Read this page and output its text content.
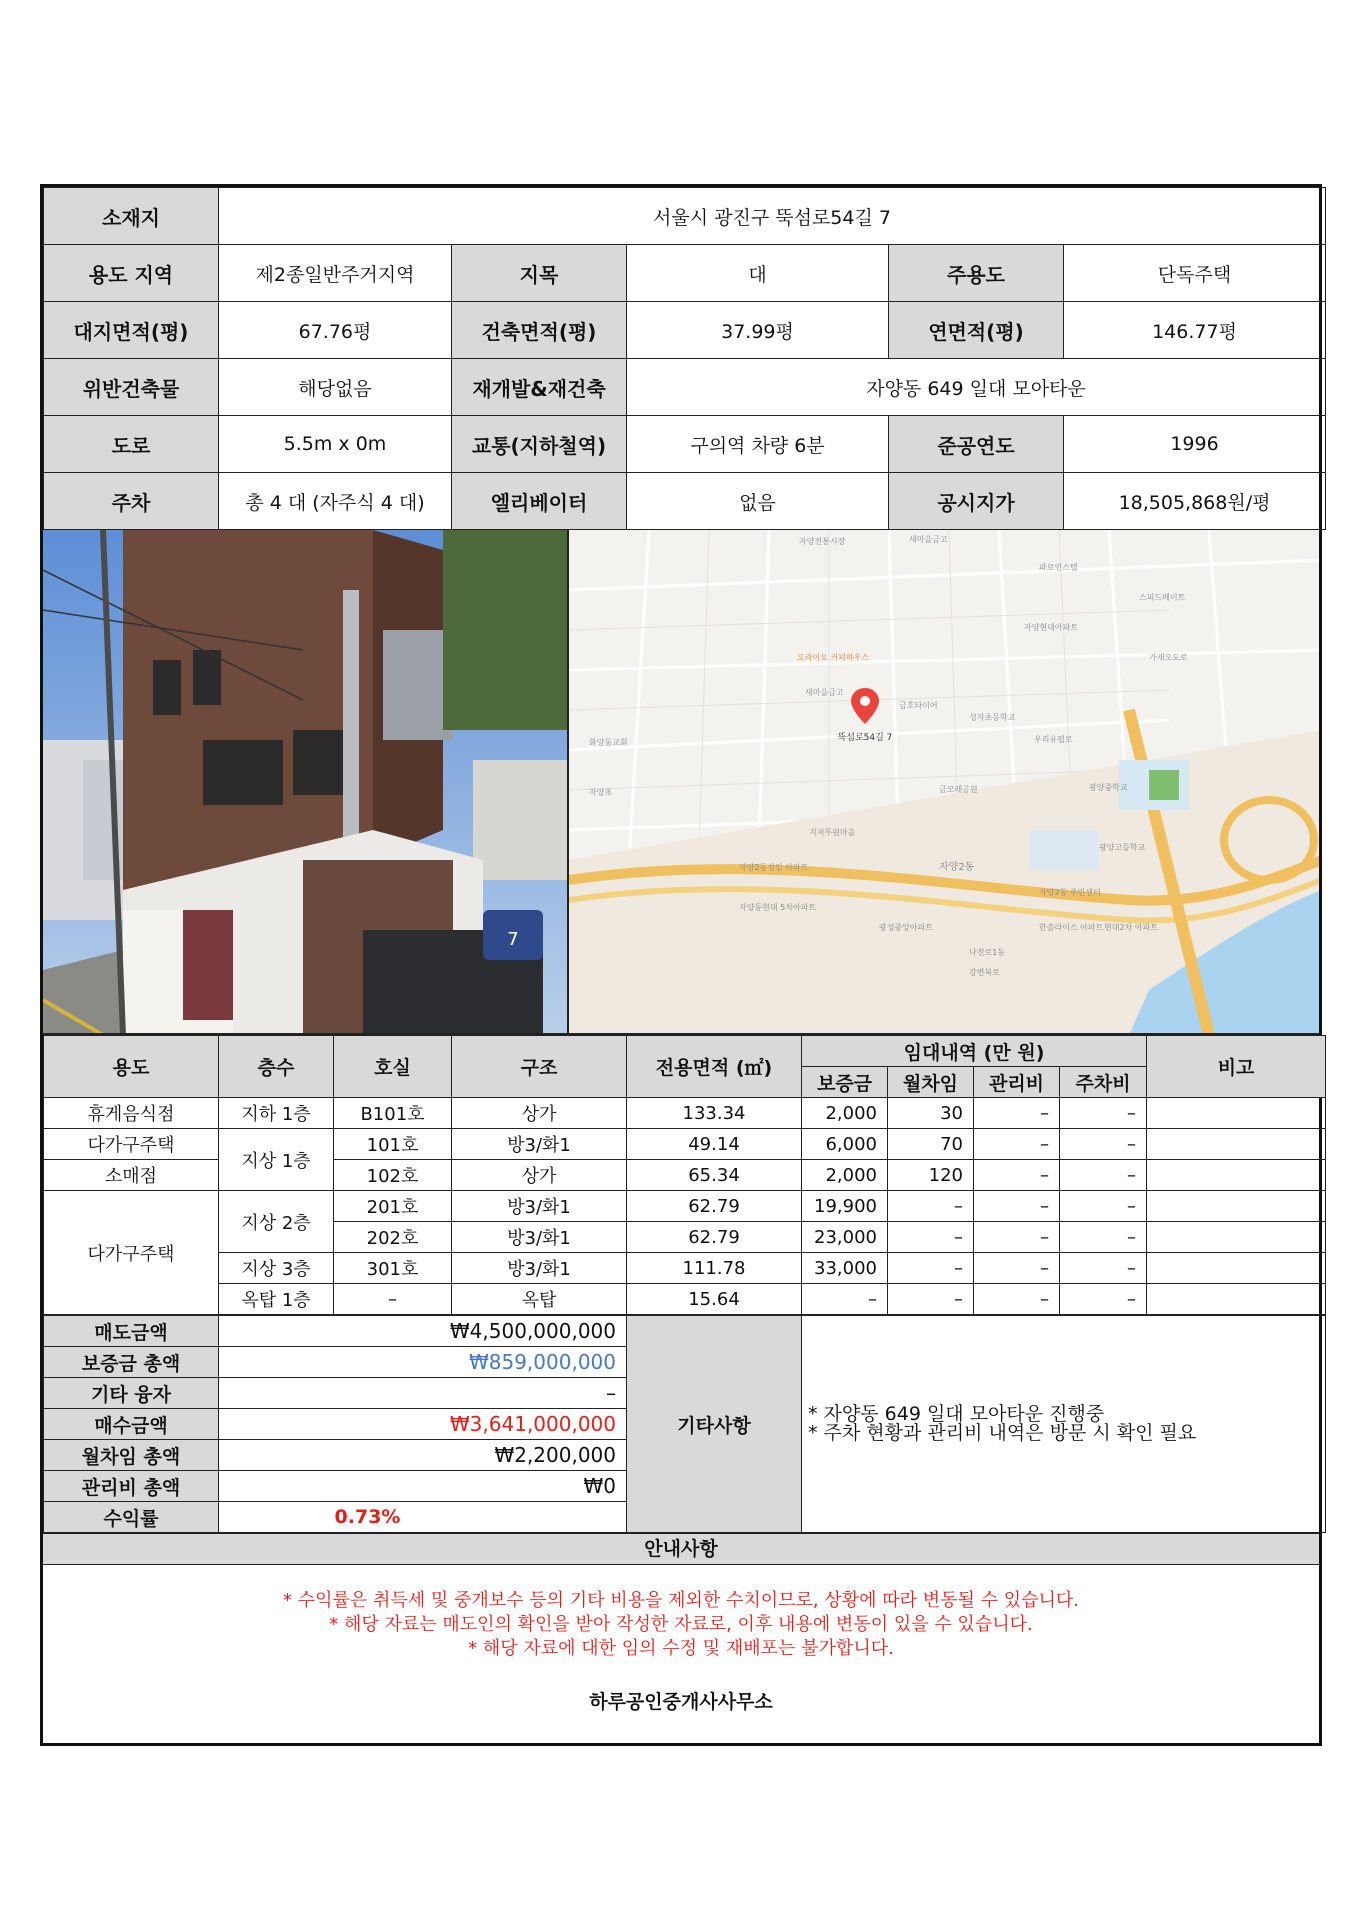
소재지	서울시 광진구 뚝섬로54길 7				
용도 지역	제2종일반주거지역	지목	대	주용도	단독주택
대지면적(평)	67.76평	건축면적(평)	37.99평	연면적(평)	146.77평
위반건축물	해당없음	재개발&재건축	자양동 649 일대 모아타운		
도로	5.5m x 0m	교통(지하철역)	구의역 차량 6분	준공연도	1996
주차	총 4 대 (자주식 4 대)	엘리베이터	없음	공시지가	18,505,868원/평
7
자양전통시장	새마을금고
파로인스텔
스피드메이트
자양현대아파트
오라이오 커피하우스
새마을금고
금호타이어
성자초등학교
우리유펼로
화양동교회
금모래공원
지저투원마을
자양2동
자양2동성일 아파트
자양동현대 5차아파트
광성중앙아파트
자양2동 주민센터
한솔라이스 아파트 현대2차 아파트
나전로1동
강변북로
광양중학교
광양고등학교
자양초
가재오도로
뚝섬로54길 7
용도	층수	호실	구조	전용면적 (㎡)	임대내역 (만 원)				비고
					보증금	월차임	관리비	주차비	
휴게음식점	지하 1층	B101호	상가	133.34	2,000	30	–	–	
다가구주택	지상 1층	101호	방3/화1	49.14	6,000	70	–	–	
소매점		102호	상가	65.34	2,000	120	–	–	
다가구주택	지상 2층	201호	방3/화1	62.79	19,900	–	–	–	
		202호	방3/화1	62.79	23,000	–	–	–	
	지상 3층	301호	방3/화1	111.78	33,000	–	–	–	
	옥탑 1층	–	옥탑	15.64	–	–	–	–	
매도금액	₩4,500,000,000	기타사항	* 자양동 649 일대 모아타운 진행중
* 주차 현황과 관리비 내역은 방문 시 확인 필요

보증금 총액	₩859,000,000		
기타 융자	–		
매수금액	₩3,641,000,000		
월차임 총액	₩2,200,000		
관리비 총액	₩0		
수익률	0.73%		
안내사항
* 수익률은 취득세 및 중개보수 등의 기타 비용을 제외한 수치이므로, 상황에 따라 변동될 수 있습니다.
* 해당 자료는 매도인의 확인을 받아 작성한 자료로, 이후 내용에 변동이 있을 수 있습니다.
* 해당 자료에 대한 임의 수정 및 재배포는 불가합니다.
하루공인중개사사무소
